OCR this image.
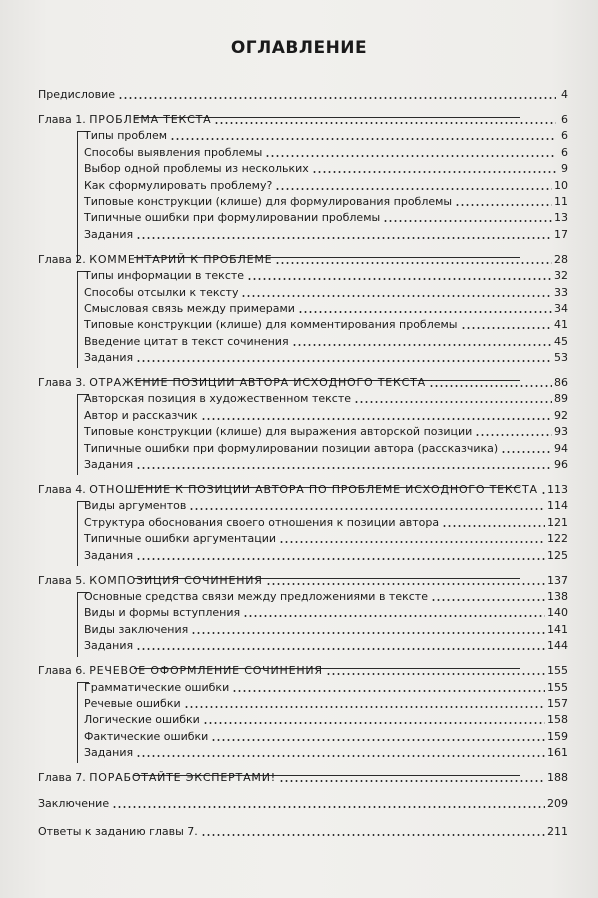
ОГЛАВЛЕНИЕ
Предисловие	4
Глава 1. ПРОБЛЕМА ТЕКСТА	6
Типы проблем	6
Способы выявления проблемы	6
Выбор одной проблемы из нескольких	9
Как сформулировать проблему?	10
Типовые конструкции (клише) для формулирования проблемы	11
Типичные ошибки при формулировании проблемы	13
Задания	17
Глава 2. КОММЕНТАРИЙ К ПРОБЛЕМЕ	28
Типы информации в тексте	32
Способы отсылки к тексту	33
Смысловая связь между примерами	34
Типовые конструкции (клише) для комментирования проблемы	41
Введение цитат в текст сочинения	45
Задания	53
Глава 3. ОТРАЖЕНИЕ ПОЗИЦИИ АВТОРА ИСХОДНОГО ТЕКСТА	86
Авторская позиция в художественном тексте	89
Автор и рассказчик	92
Типовые конструкции (клише) для выражения авторской позиции	93
Типичные ошибки при формулировании позиции автора (рассказчика)	94
Задания	96
Глава 4. ОТНОШЕНИЕ К ПОЗИЦИИ АВТОРА ПО ПРОБЛЕМЕ ИСХОДНОГО ТЕКСТА 113
Виды аргументов	114
Структура обоснования своего отношения к позиции автора	121
Типичные ошибки аргументации	122
Задания	125
Глава 5. КОМПОЗИЦИЯ СОЧИНЕНИЯ	137
Основные средства связи между предложениями в тексте	138
Виды и формы вступления	140
Виды заключения	141
Задания	144
Глава 6. РЕЧЕВОЕ ОФОРМЛЕНИЕ СОЧИНЕНИЯ	155
Грамматические ошибки	155
Речевые ошибки	157
Логические ошибки	158
Фактические ошибки	159
Задания	161
Глава 7. ПОРАБОТАЙТЕ ЭКСПЕРТАМИ!	188
Заключение	209
Ответы к заданию главы 7.	211
